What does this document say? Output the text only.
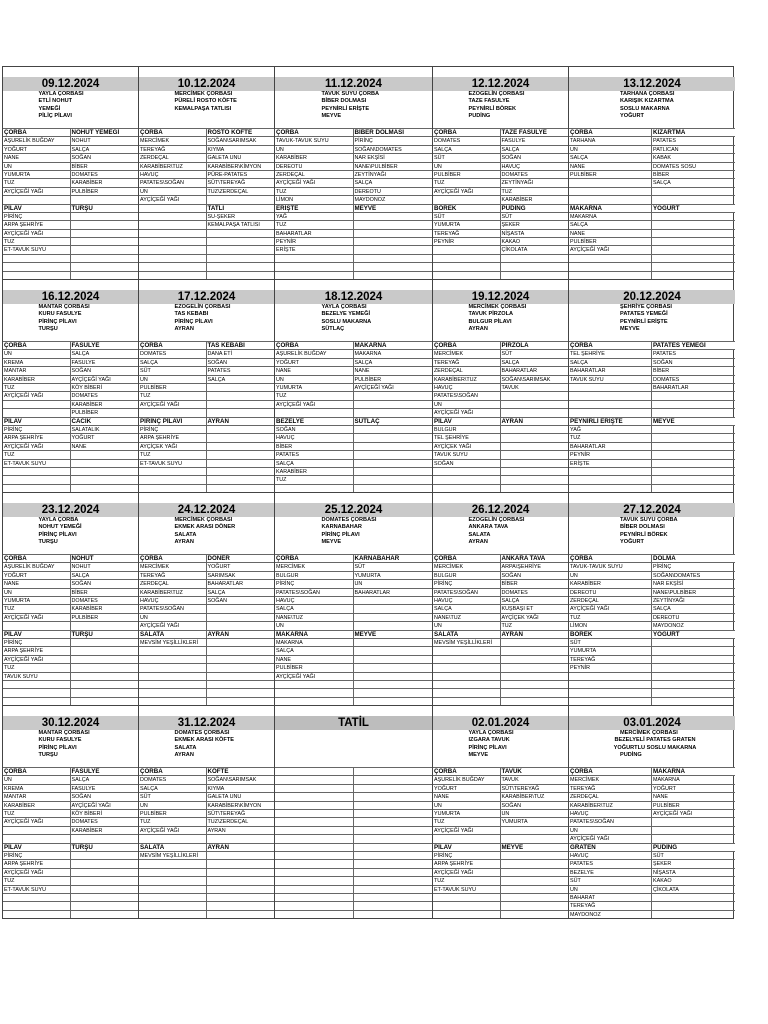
09.12.2024
YAYLA ÇORBASI
ETLİ NOHUT
YEMEĞİ
PİLİÇ PİLAVI
ÇORBA	NOHUT YEMEĞİ
AŞURELİK BUĞDAY	NOHUT
YOĞURT	SALÇA
NANE	SOĞAN
UN	BİBER
YUMURTA	DOMATES
TUZ	KARABİBER
AYÇİÇEĞİ YAĞI	PULBİBER
PİLAV	TURŞU
PİRİNÇ
ARPA ŞEHRİYE
AYÇİÇEĞİ YAĞI
TUZ
ET-TAVUK SUYU
10.12.2024
MERCİMEK ÇORBASI
PÜRELİ ROSTO KÖFTE
KEMALPAŞA TATLISI
ÇORBA	ROSTO KÖFTE
MERCİMEK	SOĞAN\SARIMSAK
TEREYAĞ	KIYMA
ZERDEÇAL	GALETA UNU
KARABİBER\TUZ	KARABİBER\KİMYON
HAVUÇ	PÜRE-PATATES
PATATES\SOĞAN	SÜT\TEREYAĞ
UN	TUZ\ZERDEÇAL
AYÇİÇEĞİ YAĞI
TATLI
SU-ŞEKER
KEMALPAŞA TATLISI
11.12.2024
TAVUK SUYU ÇORBA
BİBER DOLMASI
PEYNİRLİ ERİŞTE
MEYVE
ÇORBA	BİBER DOLMASI
TAVUK-TAVUK SUYU	PİRİNÇ
UN	SOĞAN\DOMATES
KARABİBER	NAR EKŞİSİ
DEREOTU	NANE\PULBİBER
ZERDEÇAL	ZEYTİNYAĞI
AYÇİÇEĞİ YAĞI	SALÇA
TUZ	DEREOTU
LİMON	MAYDONOZ
ERİŞTE	MEYVE
YAĞ
TUZ
BAHARATLAR
PEYNİR
ERİŞTE
12.12.2024
EZOGELİN ÇORBASI
TAZE FASULYE
PEYNİRLİ BÖREK
PUDİNG
ÇORBA	TAZE FASULYE
DOMATES	FASULYE
SALÇA	SALÇA
SÜT	SOĞAN
UN	HAVUÇ
PULBİBER	DOMATES
TUZ	ZEYTİNYAĞI
AYÇİÇEĞİ YAĞI	TUZ
KARABİBER
BÖREK	PUDİNG
SÜT	SÜT
YUMURTA	ŞEKER
TEREYAĞ	NİŞASTA
PEYNİR	KAKAO
ÇİKOLATA
13.12.2024
TARHANA ÇORBASI
KARIŞIK KIZARTMA
SOSLU MAKARNA
YOĞURT
ÇORBA	KIZARTMA
TARHANA	PATATES
UN	PATLICAN
SALÇA	KABAK
NANE	DOMATES SOSU
PULBİBER	BİBER
SALÇA
MAKARNA	YOĞURT
MAKARNA
SALÇA
NANE
PULBİBER
AYÇİÇEĞİ YAĞI
16.12.2024
MANTAR ÇORBASI
KURU FASULYE
PİRİNÇ PİLAVI
TURŞU
ÇORBA	FASULYE
UN	SALÇA
KREMA	FASULYE
MANTAR	SOĞAN
KARABİBER	AYÇİÇEĞİ YAĞI
TUZ	KÖY BİBERİ
AYÇİÇEĞİ YAĞI	DOMATES
KARABİBER
PULBİBER
PİLAV	CACIK
PİRİNÇ	SALATALIK
ARPA ŞEHRİYE	YOĞURT
AYÇİÇEĞİ YAĞI	NANE
TUZ
ET-TAVUK SUYU
17.12.2024
EZOGELİN ÇORBASI
TAS KEBABI
PİRİNÇ PİLAVI
AYRAN
ÇORBA	TAS KEBABI
DOMATES	DANA ETİ
SALÇA	SOĞAN
SÜT	PATATES
UN	SALÇA
PULBİBER
TUZ
AYÇİÇEĞİ YAĞI
PİRİNÇ PİLAVI	AYRAN
PİRİNÇ
ARPA ŞEHRİYE
AYÇİÇEK YAĞI
TUZ
ET-TAVUK SUYU
18.12.2024
YAYLA ÇORBASI
BEZELYE YEMEĞİ
SOSLU MAKARNA
SÜTLAÇ
ÇORBA	MAKARNA
AŞURELİK BUĞDAY	MAKARNA
YOĞURT	SALÇA
NANE	NANE
UN	PULBİBER
YUMURTA	AYÇİÇEĞİ YAĞI
TUZ
AYÇİÇEĞİ YAĞI
BEZELYE	SÜTLAÇ
SOĞAN
HAVUÇ
BİBER
PATATES
SALÇA
KARABİBER
TUZ
19.12.2024
MERCİMEK ÇORBASI
TAVUK PİRZOLA
BULGUR PİLAVI
AYRAN
ÇORBA	PİRZOLA
MERCİMEK	SÜT
TEREYAĞ	SALÇA
ZERDEÇAL	BAHARATLAR
KARABİBER\TUZ	SOĞAN\SARIMSAK
HAVUÇ	TAVUK
PATATES\SOĞAN
UN
AYÇİÇEĞİ YAĞI
PİLAV	AYRAN
BULGUR
TEL ŞEHRİYE
AYÇİÇEK YAĞI
TAVUK SUYU
SOĞAN
20.12.2024
ŞEHRİYE ÇORBASI
PATATES YEMEĞİ
PEYNİRLİ ERİŞTE
MEYVE
ÇORBA	PATATES YEMEĞİ
TEL ŞEHRİYE	PATATES
SALÇA	SOĞAN
BAHARATLAR	BİBER
TAVUK SUYU	DOMATES
BAHARATLAR
PEYNİRLİ ERİŞTE	MEYVE
YAĞ
TUZ
BAHARATLAR
PEYNİR
ERİŞTE
23.12.2024
YAYLA ÇORBA
NOHUT YEMEĞİ
PİRİNÇ PİLAVI
TURŞU
ÇORBA	NOHUT
AŞURELİK BUĞDAY	NOHUT
YOĞURT	SALÇA
NANE	SOĞAN
UN	BİBER
YUMURTA	DOMATES
TUZ	KARABİBER
AYÇİÇEĞİ YAĞI	PULBİBER
PİLAV	TURŞU
PİRİNÇ
ARPA ŞEHRİYE
AYÇİÇEĞİ YAĞI
TUZ
TAVUK SUYU
24.12.2024
MERCİMEK ÇORBASI
EKMEK ARASI DÖNER
SALATA
AYRAN
ÇORBA	DÖNER
MERCİMEK	YOĞURT
TEREYAĞ	SARIMSAK
ZERDEÇAL	BAHARATLAR
KARABİBER\TUZ	SALÇA
HAVUÇ	SOĞAN
PATATES\SOĞAN
UN
AYÇİÇEĞİ YAĞI
SALATA	AYRAN
MEVSİM YEŞİLLİKLERİ
25.12.2024
DOMATES ÇORBASI
KARNABAHAR
PİRİNÇ PİLAVI
MEYVE
ÇORBA	KARNABAHAR
MERCİMEK	SÜT
BULGUR	YUMURTA
PİRİNÇ	UN
PATATES\SOĞAN	BAHARATLAR
HAVUÇ
SALÇA
NANE\TUZ
UN
MAKARNA	MEYVE
MAKARNA
SALÇA
NANE
PULBİBER
AYÇİÇEĞİ YAĞI
26.12.2024
EZOGELİN ÇORBASI
ANKARA TAVA
SALATA
AYRAN
ÇORBA	ANKARA TAVA
MERCİMEK	ARPA\ŞEHRİYE
BULGUR	SOĞAN
PİRİNÇ	BİBER
PATATES\SOĞAN	DOMATES
HAVUÇ	SALÇA
SALÇA	KUŞBAŞI ET
NANE\TUZ	AYÇİÇEK YAĞI
UN	TUZ
SALATA	AYRAN
MEVSİM YEŞİLLİKLERİ
27.12.2024
TAVUK SUYU ÇORBA
BİBER DOLMASI
PEYNİRLİ BÖREK
YOĞURT
ÇORBA	DOLMA
TAVUK-TAVUK SUYU	PİRİNÇ
UN	SOĞAN\DOMATES
KARABİBER	NAR EKŞİSİ
DEREOTU	NANE\PULBİBER
ZERDEÇAL	ZEYTİNYAĞI
AYÇİÇEĞİ YAĞI	SALÇA
TUZ	DEREOTU
LİMON	MAYDONOZ
BÖREK	YOĞURT
SÜT
YUMURTA
TEREYAĞ
PEYNİR
30.12.2024
MANTAR ÇORBASI
KURU FASULYE
PİRİNÇ PİLAVI
TURŞU
ÇORBA	FASULYE
UN	SALÇA
KREMA	FASULYE
MANTAR	SOĞAN
KARABİBER	AYÇİÇEĞİ YAĞI
TUZ	KÖY BİBERİ
AYÇİÇEĞİ YAĞI	DOMATES
KARABİBER
PİLAV	TURŞU
PİRİNÇ
ARPA ŞEHRİYE
AYÇİÇEĞİ YAĞI
TUZ
ET-TAVUK SUYU
31.12.2024
DOMATES ÇORBASI
EKMEK ARASI KÖFTE
SALATA
AYRAN
ÇORBA	KÖFTE
DOMATES	SOĞAN\SARIMSAK
SALÇA	KIYMA
SÜT	GALETA UNU
UN	KARABİBER\KİMYON
PULBİBER	SÜT\TEREYAĞ
TUZ	TUZ\ZERDEÇAL
AYÇİÇEĞİ YAĞI	AYRAN
SALATA	AYRAN
MEVSİM YEŞİLLİKLERİ
TATİL	02.01.2024
YAYLA ÇORBASI
IZGARA TAVUK
PİRİNÇ PİLAVI
MEYVE
ÇORBA	TAVUK
AŞURELİK BUĞDAY	TAVUK
YOĞURT	SÜT\TEREYAĞ
NANE	KARABİBER\TUZ
UN	SOĞAN
YUMURTA	UN
TUZ	YUMURTA
AYÇİÇEĞİ YAĞI
PİLAV	MEYVE
PİRİNÇ
ARPA ŞEHRİYE
AYÇİÇEĞİ YAĞI
TUZ
ET-TAVUK SUYU
03.01.2024
MERCİMEK ÇORBASI
BEZELYELİ PATATES GRATEN
YOĞURTLU SOSLU MAKARNA
PUDİNG
ÇORBA	MAKARNA
MERCİMEK	MAKARNA
TEREYAĞ	YOĞURT
ZERDEÇAL	NANE
KARABİBER\TUZ	PULBİBER
HAVUÇ	AYÇİÇEĞİ YAĞI
PATATES\SOĞAN
UN
AYÇİÇEĞİ YAĞI
GRATEN	PUDİNG
HAVUÇ	SÜT
PATATES	ŞEKER
BEZELYE	NİŞASTA
SÜT	KAKAO
UN	ÇİKOLATA
BAHARAT
TEREYAĞ
MAYDONOZ
